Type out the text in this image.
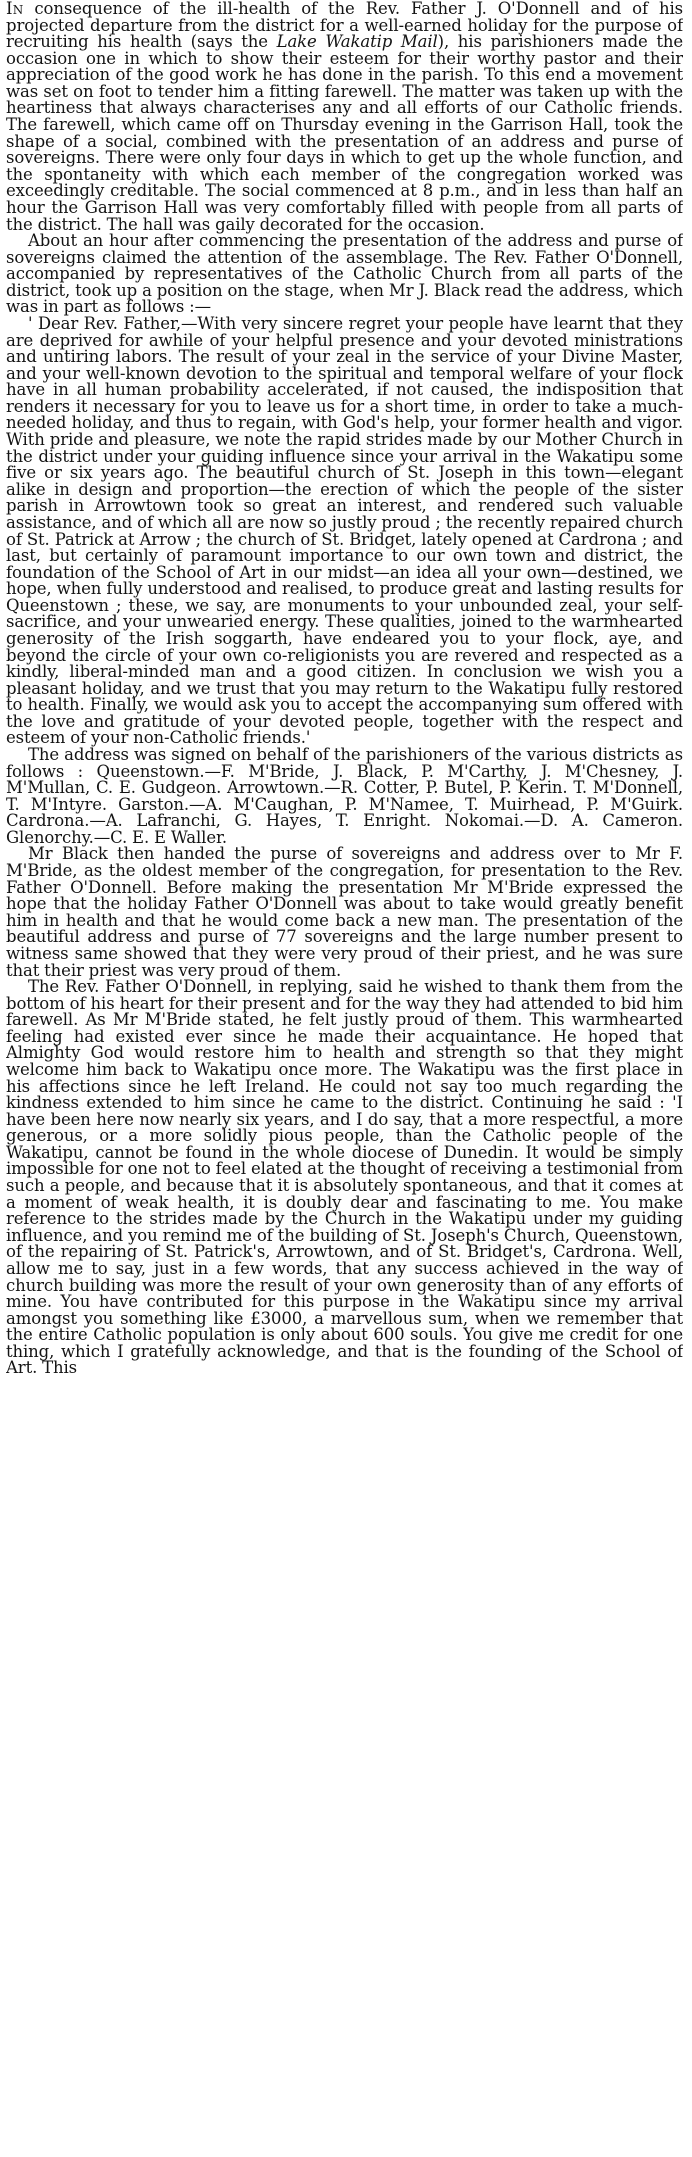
In consequence of the ill-health of the Rev. Father J. O'Donnell and of his projected departure from the district for a well-earned holiday for the purpose of recruiting his health (says the Lake Wakatip Mail), his parishioners made the occasion one in which to show their esteem for their worthy pastor and their appreciation of the good work he has done in the parish. To this end a movement was set on foot to tender him a fitting farewell. The matter was taken up with the heartiness that always characterises any and all efforts of our Catholic friends. The farewell, which came off on Thursday evening in the Garrison Hall, took the shape of a social, combined with the presentation of an address and purse of sovereigns. There were only four days in which to get up the whole function, and the spontaneity with which each member of the congregation worked was exceedingly creditable. The social commenced at 8 p.m., and in less than half an hour the Garrison Hall was very comfortably filled with people from all parts of the district. The hall was gaily decorated for the occasion.

About an hour after commencing the presentation of the address and purse of sovereigns claimed the attention of the assemblage. The Rev. Father O'Donnell, accompanied by representatives of the Catholic Church from all parts of the district, took up a position on the stage, when Mr J. Black read the address, which was in part as follows :—

' Dear Rev. Father,—With very sincere regret your people have learnt that they are deprived for awhile of your helpful presence and your devoted ministrations and untiring labors. The result of your zeal in the service of your Divine Master, and your well-known devotion to the spiritual and temporal welfare of your flock have in all human probability accelerated, if not caused, the indisposition that renders it necessary for you to leave us for a short time, in order to take a much-needed holiday, and thus to regain, with God's help, your former health and vigor. With pride and pleasure, we note the rapid strides made by our Mother Church in the district under your guiding influence since your arrival in the Wakatipu some five or six years ago. The beautiful church of St. Joseph in this town—elegant alike in design and proportion—the erection of which the people of the sister parish in Arrowtown took so great an interest, and rendered such valuable assistance, and of which all are now so justly proud ; the recently repaired church of St. Patrick at Arrow ; the church of St. Bridget, lately opened at Cardrona ; and last, but certainly of paramount importance to our own town and district, the foundation of the School of Art in our midst—an idea all your own—destined, we hope, when fully understood and realised, to produce great and lasting results for Queenstown ; these, we say, are monuments to your unbounded zeal, your self-sacrifice, and your unwearied energy. These qualities, joined to the warmhearted generosity of the Irish soggarth, have endeared you to your flock, aye, and beyond the circle of your own co-religionists you are revered and respected as a kindly, liberal-minded man and a good citizen. In conclusion we wish you a pleasant holiday, and we trust that you may return to the Wakatipu fully restored to health. Finally, we would ask you to accept the accompanying sum offered with the love and gratitude of your devoted people, together with the respect and esteem of your non-Catholic friends.'

The address was signed on behalf of the parishioners of the various districts as follows : Queenstown.—F. M'Bride, J. Black, P. M'Carthy, J. M'Chesney, J. M'Mullan, C. E. Gudgeon. Arrowtown.—R. Cotter, P. Butel, P. Kerin. T. M'Donnell, T. M'Intyre. Garston.—A. M'Caughan, P. M'Namee, T. Muirhead, P. M'Guirk. Cardrona.—A. Lafranchi, G. Hayes, T. Enright. Nokomai.—D. A. Cameron. Glenorchy.—C. E. E Waller.

Mr Black then handed the purse of sovereigns and address over to Mr F. M'Bride, as the oldest member of the congregation, for presentation to the Rev. Father O'Donnell. Before making the presentation Mr M'Bride expressed the hope that the holiday Father O'Donnell was about to take would greatly benefit him in health and that he would come back a new man. The presentation of the beautiful address and purse of 77 sovereigns and the large number present to witness same showed that they were very proud of their priest, and he was sure that their priest was very proud of them.

The Rev. Father O'Donnell, in replying, said he wished to thank them from the bottom of his heart for their present and for the way they had attended to bid him farewell. As Mr M'Bride stated, he felt justly proud of them. This warmhearted feeling had existed ever since he made their acquaintance. He hoped that Almighty God would restore him to health and strength so that they might welcome him back to Wakatipu once more. The Wakatipu was the first place in his affections since he left Ireland. He could not say too much regarding the kindness extended to him since he came to the district. Continuing he said : 'I have been here now nearly six years, and I do say, that a more respectful, a more generous, or a more solidly pious people, than the Catholic people of the Wakatipu, cannot be found in the whole diocese of Dunedin. It would be simply impossible for one not to feel elated at the thought of receiving a testimonial from such a people, and because that it is absolutely spontaneous, and that it comes at a moment of weak health, it is doubly dear and fascinating to me. You make reference to the strides made by the Church in the Wakatipu under my guiding influence, and you remind me of the building of St. Joseph's Church, Queenstown, of the repairing of St. Patrick's, Arrowtown, and of St. Bridget's, Cardrona. Well, allow me to say, just in a few words, that any success achieved in the way of church building was more the result of your own generosity than of any efforts of mine. You have contributed for this purpose in the Wakatipu since my arrival amongst you something like £3000, a marvellous sum, when we remember that the entire Catholic population is only about 600 souls. You give me credit for one thing, which I gratefully acknowledge, and that is the founding of the School of Art. This
